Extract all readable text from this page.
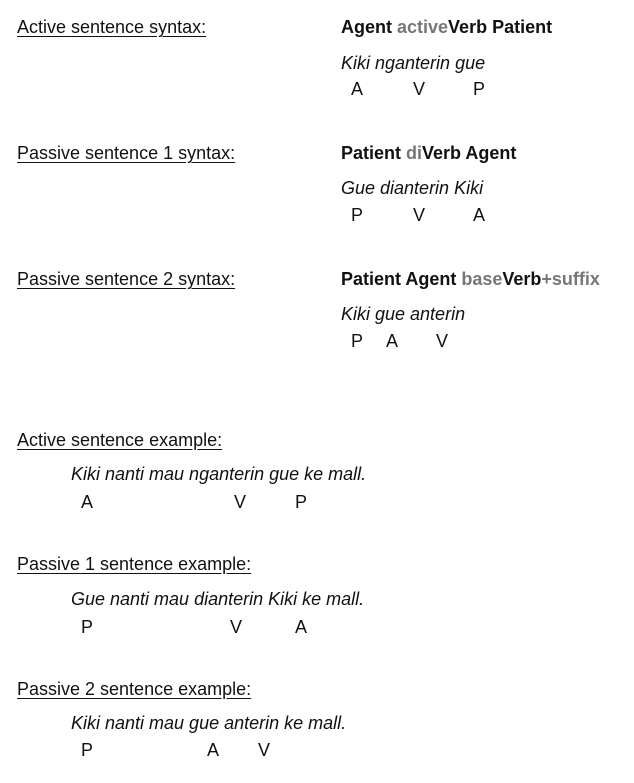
Active sentence syntax:	Agent activeVerb Patient
Kiki nganterin gue
A	V	P
Passive sentence 1 syntax:	Patient diVerb Agent
Gue dianterin Kiki
P	V	A
Passive sentence 2 syntax:	Patient Agent baseVerb+suffix
Kiki gue anterin
P A V
Active sentence example:
Kiki nanti mau nganterin gue ke mall.
A	V	P
Passive 1 sentence example:
Gue nanti mau dianterin Kiki ke mall.
P	V	A
Passive 2 sentence example:
Kiki nanti mau gue anterin ke mall.
P	A V
